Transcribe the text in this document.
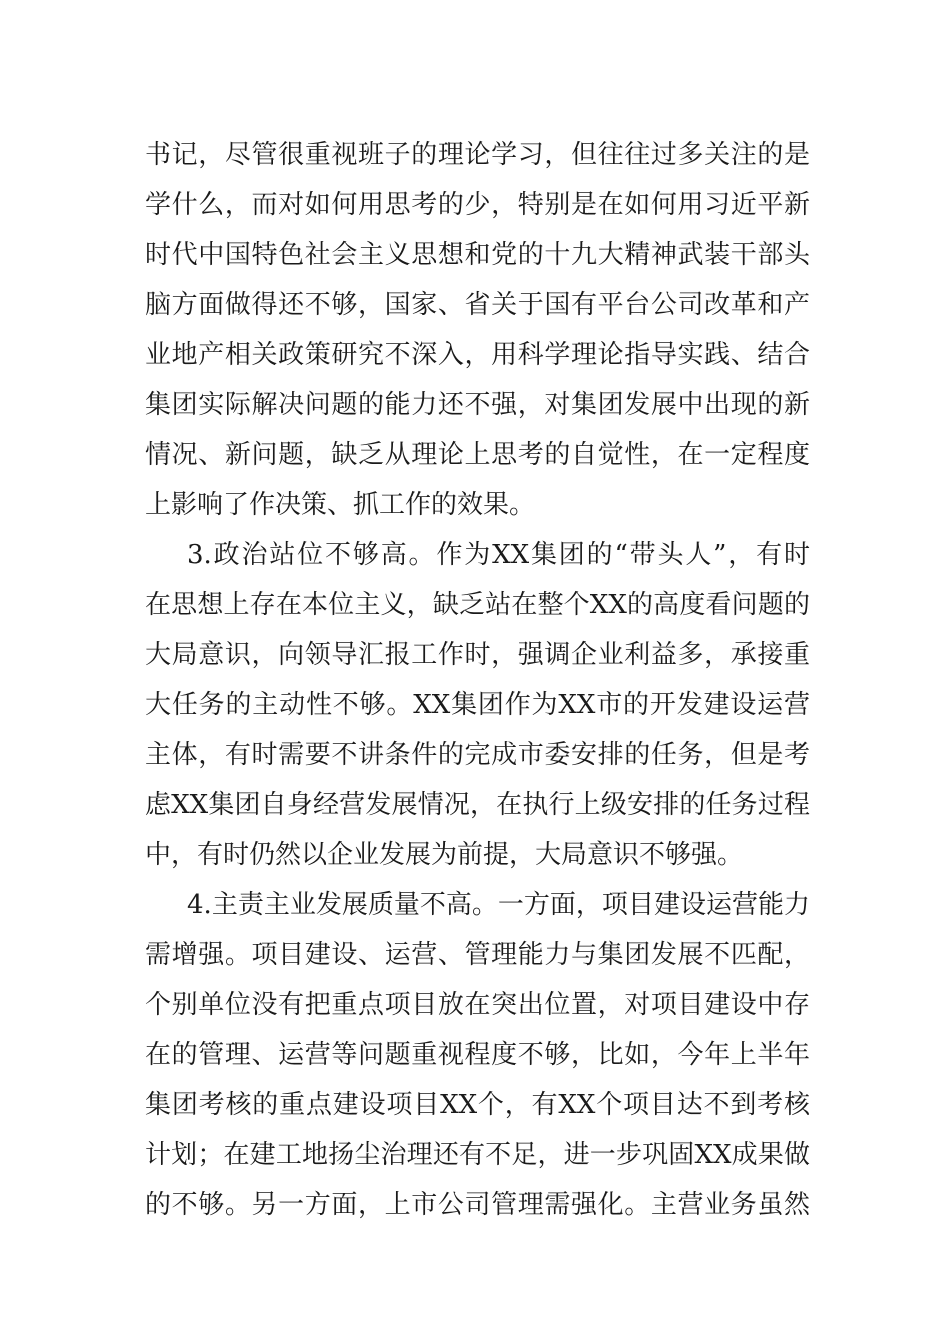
书记，尽管很重视班子的理论学习，但往往过多关注的是
学什么，而对如何用思考的少，特别是在如何用习近平新
时代中国特色社会主义思想和党的十九大精神武装干部头
脑方面做得还不够，国家、省关于国有平台公司改革和产
业地产相关政策研究不深入，用科学理论指导实践、结合
集团实际解决问题的能力还不强，对集团发展中出现的新
情况、新问题，缺乏从理论上思考的自觉性，在一定程度
上影响了作决策、抓工作的效果。
3.政治站位不够高。作为XX集团的“带头人”，有时
在思想上存在本位主义，缺乏站在整个XX的高度看问题的
大局意识，向领导汇报工作时，强调企业利益多，承接重
大任务的主动性不够。XX集团作为XX市的开发建设运营
主体，有时需要不讲条件的完成市委安排的任务，但是考
虑XX集团自身经营发展情况，在执行上级安排的任务过程
中，有时仍然以企业发展为前提，大局意识不够强。
4.主责主业发展质量不高。一方面，项目建设运营能力
需增强。项目建设、运营、管理能力与集团发展不匹配，
个别单位没有把重点项目放在突出位置，对项目建设中存
在的管理、运营等问题重视程度不够，比如，今年上半年
集团考核的重点建设项目XX个，有XX个项目达不到考核
计划；在建工地扬尘治理还有不足，进一步巩固XX成果做
的不够。另一方面，上市公司管理需强化。主营业务虽然
